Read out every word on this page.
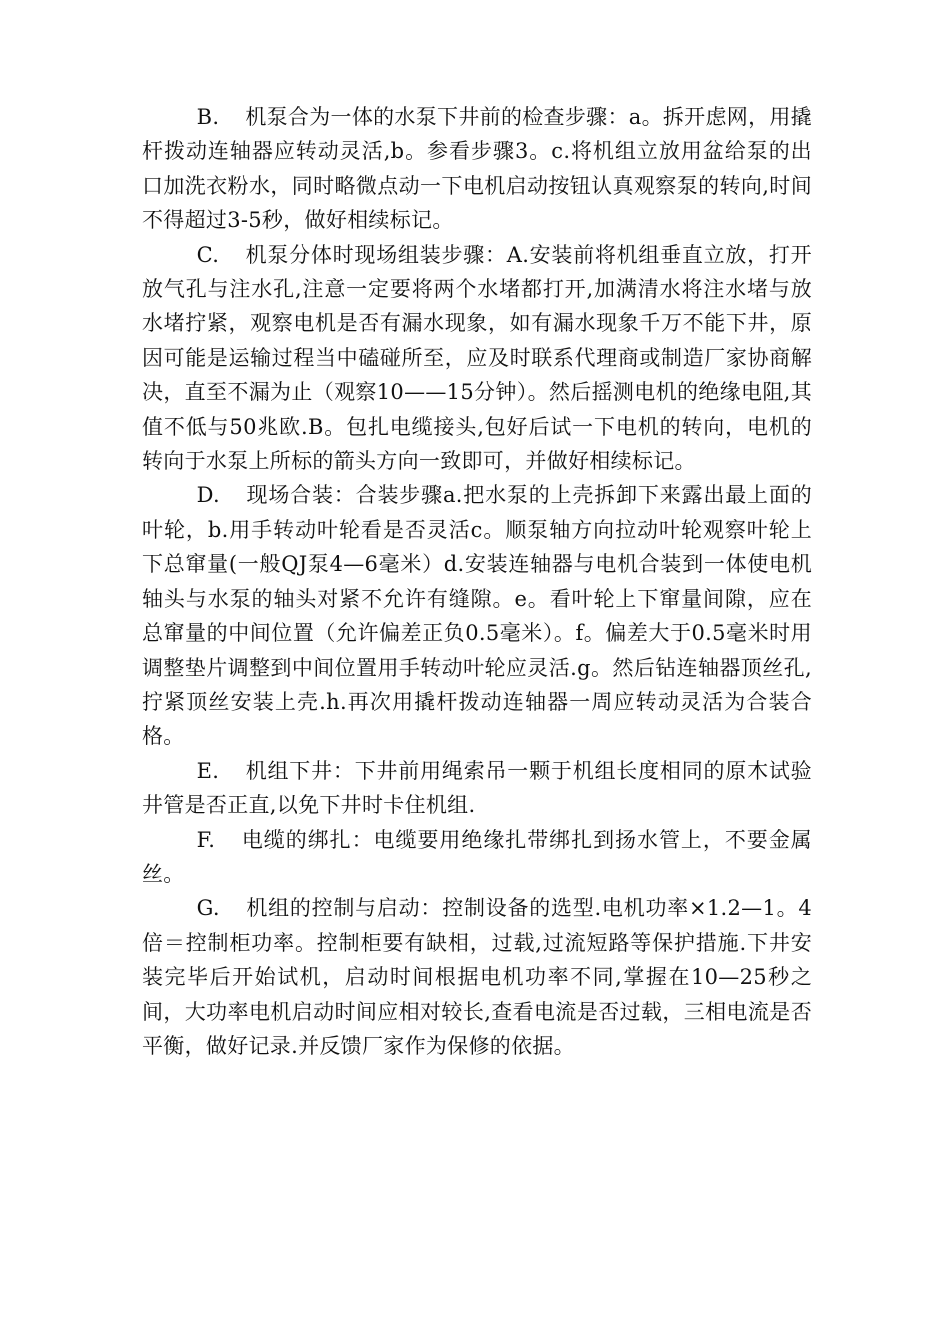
B. 机泵合为一体的水泵下井前的检查步骤：a。拆开虑网，用撬杆拨动连轴器应转动灵活,b。参看步骤3。c.将机组立放用盆给泵的出口加洗衣粉水，同时略微点动一下电机启动按钮认真观察泵的转向,时间不得超过3-5秒，做好相续标记。

C. 机泵分体时现场组装步骤：A.安装前将机组垂直立放，打开放气孔与注水孔,注意一定要将两个水堵都打开,加满清水将注水堵与放水堵拧紧，观察电机是否有漏水现象，如有漏水现象千万不能下井，原因可能是运输过程当中磕碰所至，应及时联系代理商或制造厂家协商解决，直至不漏为止（观察10——15分钟）。然后摇测电机的绝缘电阻,其值不低与50兆欧.B。包扎电缆接头,包好后试一下电机的转向，电机的转向于水泵上所标的箭头方向一致即可，并做好相续标记。

D. 现场合装：合装步骤a.把水泵的上壳拆卸下来露出最上面的叶轮，b.用手转动叶轮看是否灵活c。顺泵轴方向拉动叶轮观察叶轮上下总窜量(一般QJ泵4—6毫米）d.安装连轴器与电机合装到一体使电机轴头与水泵的轴头对紧不允许有缝隙。e。看叶轮上下窜量间隙，应在总窜量的中间位置（允许偏差正负0.5毫米）。f。偏差大于0.5毫米时用调整垫片调整到中间位置用手转动叶轮应灵活.g。然后钻连轴器顶丝孔,拧紧顶丝安装上壳.h.再次用撬杆拨动连轴器一周应转动灵活为合装合格。

E. 机组下井：下井前用绳索吊一颗于机组长度相同的原木试验井管是否正直,以免下井时卡住机组.

F. 电缆的绑扎：电缆要用绝缘扎带绑扎到扬水管上，不要金属丝。

G. 机组的控制与启动：控制设备的选型.电机功率×1.2—1。4倍＝控制柜功率。控制柜要有缺相，过载,过流短路等保护措施.下井安装完毕后开始试机，启动时间根据电机功率不同,掌握在10—25秒之间，大功率电机启动时间应相对较长,查看电流是否过载，三相电流是否平衡，做好记录.并反馈厂家作为保修的依据。
